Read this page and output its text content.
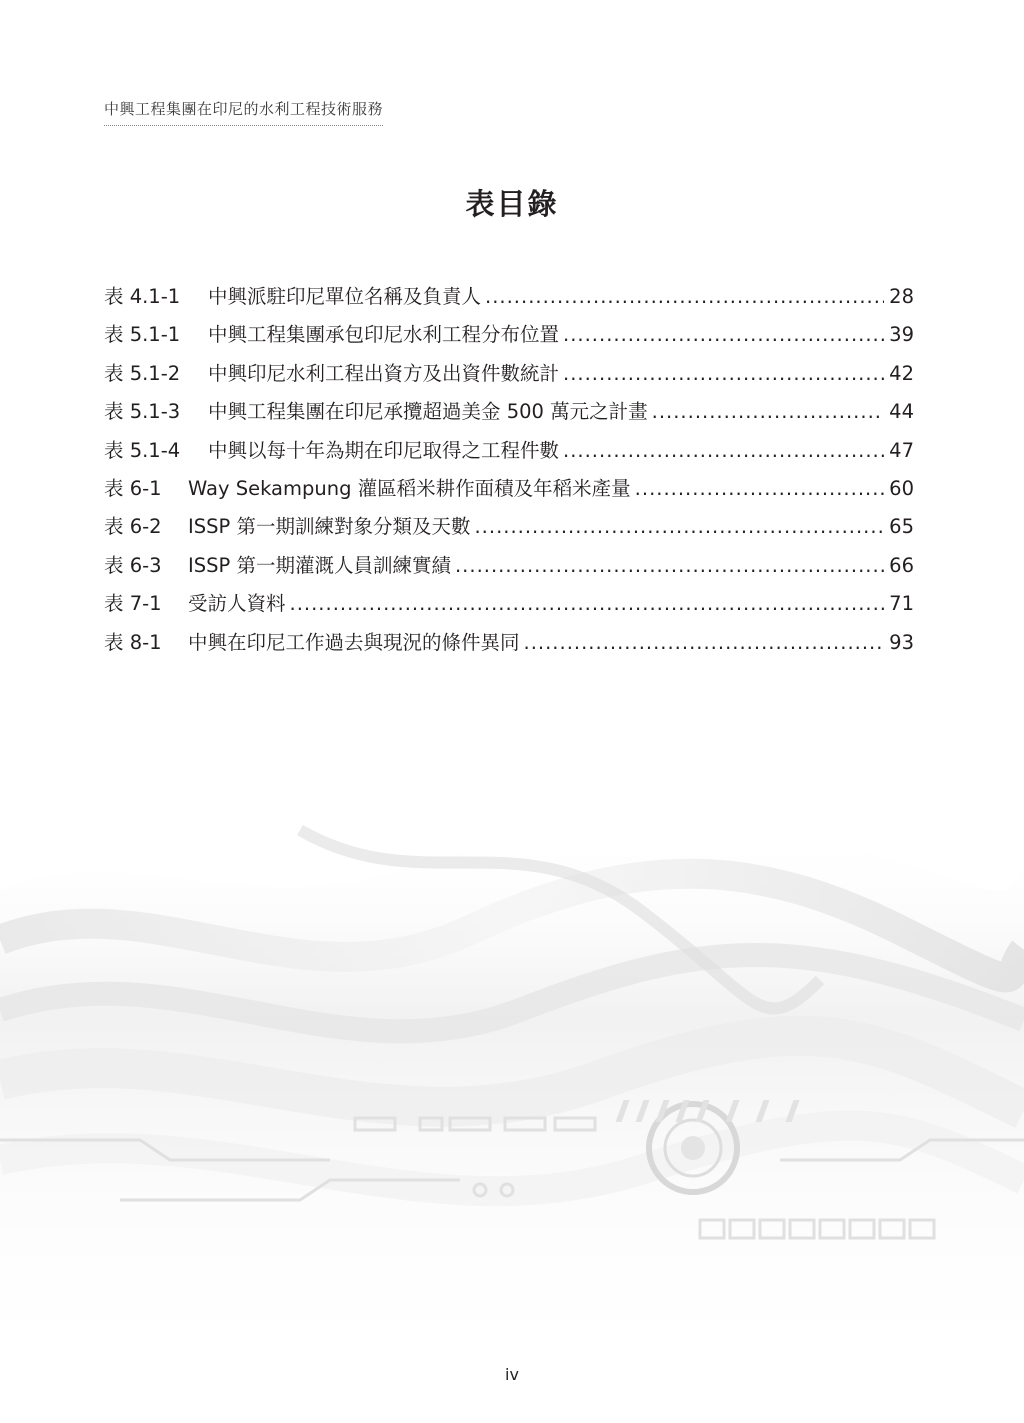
中興工程集團在印尼的水利工程技術服務
表目錄
表 4.1-1	中興派駐印尼單位名稱及負責人 .....	28
表 5.1-1	中興工程集團承包印尼水利工程分布位置 .....	39
表 5.1-2	中興印尼水利工程出資方及出資件數統計 .....	42
表 5.1-3	中興工程集團在印尼承攬超過美金 500 萬元之計畫 .....	44
表 5.1-4	中興以每十年為期在印尼取得之工程件數 .....	47
表 6-1	Way Sekampung 灌區稻米耕作面積及年稻米產量 .....	60
表 6-2	ISSP 第一期訓練對象分類及天數 .....	65
表 6-3	ISSP 第一期灌溉人員訓練實績 .....	66
表 7-1	受訪人資料 .....	71
表 8-1	中興在印尼工作過去與現況的條件異同 .....	93
iv
